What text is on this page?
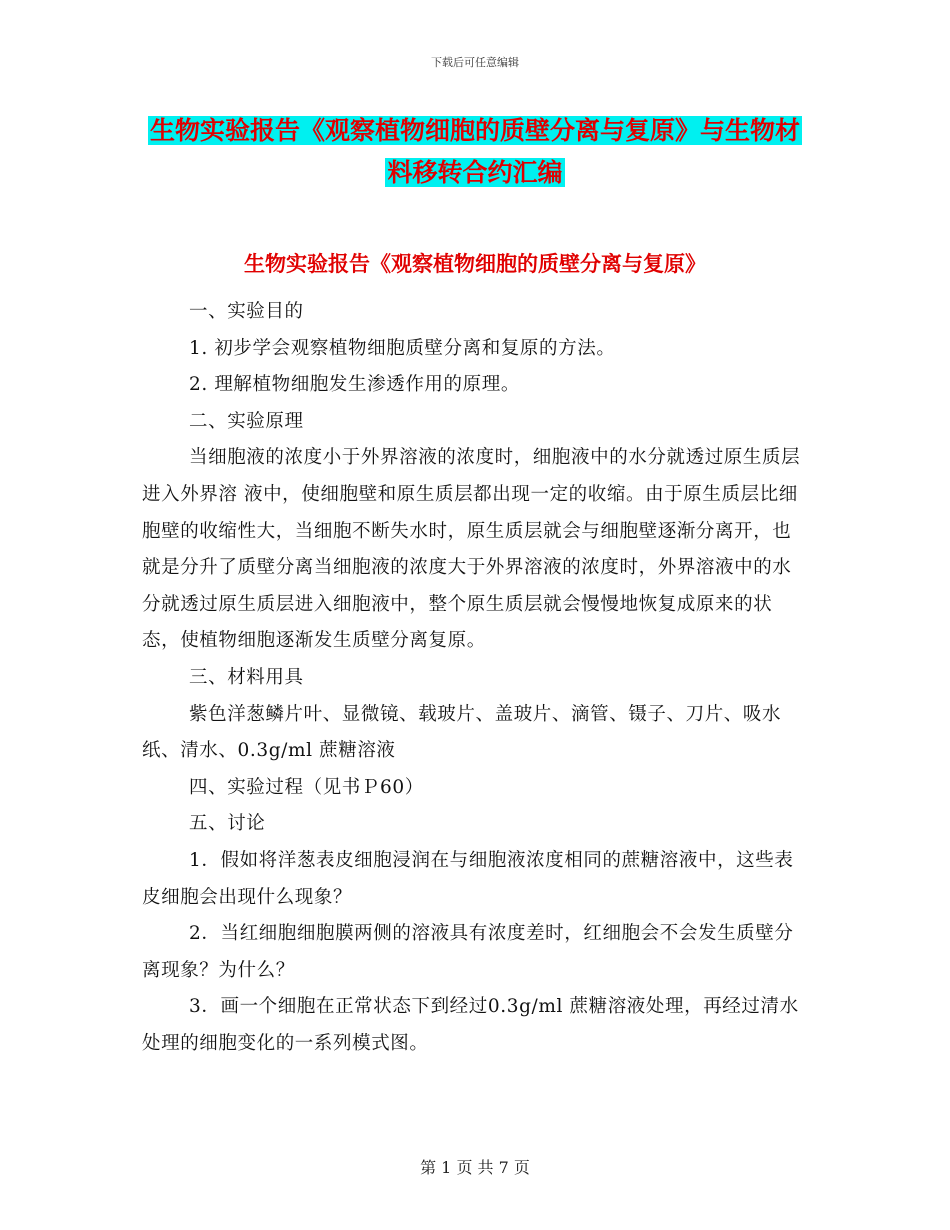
下载后可任意编辑
生物实验报告《观察植物细胞的质壁分离与复原》与生物材料移转合约汇编
生物实验报告《观察植物细胞的质壁分离与复原》

一、实验目的

1. 初步学会观察植物细胞质壁分离和复原的方法。

2. 理解植物细胞发生渗透作用的原理。

二、实验原理

当细胞液的浓度小于外界溶液的浓度时，细胞液中的水分就透过原生质层进入外界溶 液中，使细胞壁和原生质层都出现一定的收缩。由于原生质层比细胞壁的收缩性大，当细胞不断失水时，原生质层就会与细胞壁逐渐分离开，也就是分升了质壁分离当细胞液的浓度大于外界溶液的浓度时，外界溶液中的水分就透过原生质层进入细胞液中，整个原生质层就会慢慢地恢复成原来的状态，使植物细胞逐渐发生质壁分离复原。

三、材料用具

紫色洋葱鳞片叶、显微镜、载玻片、盖玻片、滴管、镊子、刀片、吸水纸、清水、0.3g/ml 蔗糖溶液

四、实验过程（见书Ｐ60）

五、讨论

1．假如将洋葱表皮细胞浸润在与细胞液浓度相同的蔗糖溶液中，这些表皮细胞会出现什么现象？

2．当红细胞细胞膜两侧的溶液具有浓度差时，红细胞会不会发生质壁分离现象？为什么？

3．画一个细胞在正常状态下到经过0.3g/ml 蔗糖溶液处理，再经过清水处理的细胞变化的一系列模式图。

第 1 页 共 7 页
